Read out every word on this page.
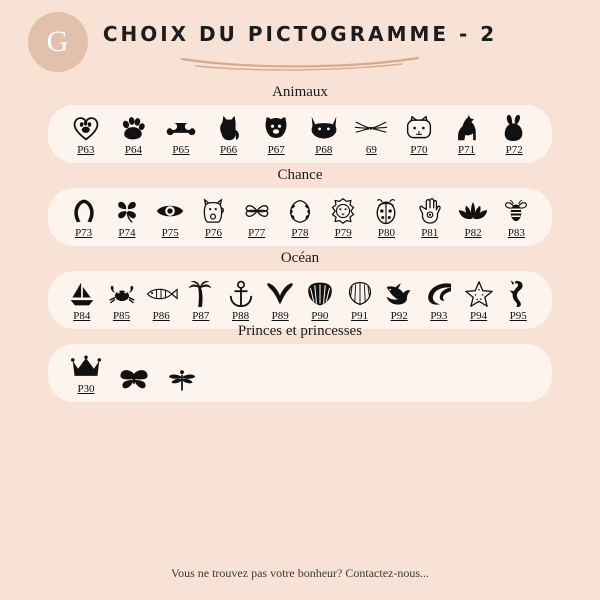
G	CHOIX DU PICTOGRAMME - 2
Animaux
P63	P64	P65	P66	P67	P68	69	P70	P71	P72
Chance
P73 P74 P75 P76 P77 P78 P79 P80 P81 P82 P83
Océan
P84 P85 P86 P87 P88 P89 P90 P91 P92 P93 P94 P95
Princes et princesses
P30
Vous ne trouvez pas votre bonheur? Contactez-nous...
